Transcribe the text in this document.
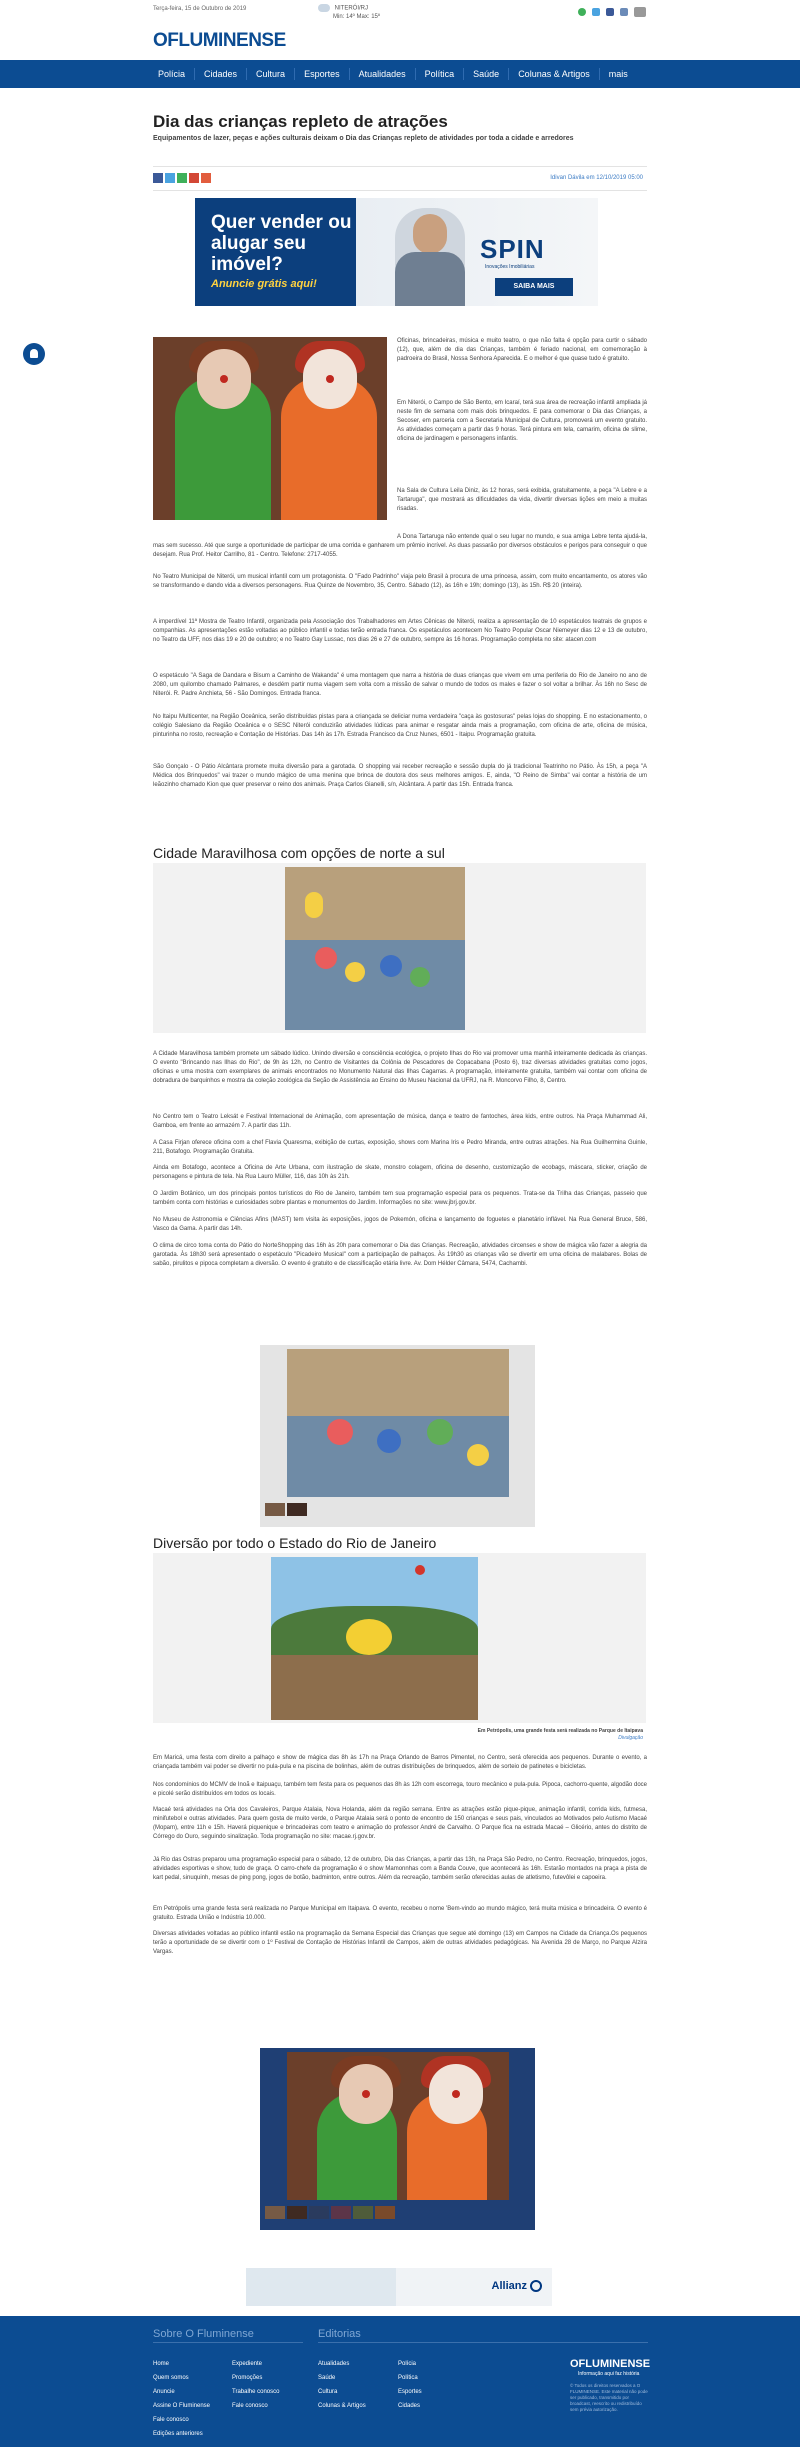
Terça-feira, 15 de Outubro de 2019	NITERÓI/RJ
Min: 14º Max: 15º
OFLUMINENSE
Polícia	Cidades	Cultura	Esportes	Atualidades	Política	Saúde	Colunas & Artigos	mais
Dia das crianças repleto de atrações

Equipamentos de lazer, peças e ações culturais deixam o Dia das Crianças repleto de atividades por toda a cidade e arredores

Idivan Dávila em 12/10/2019 05:00
Quer vender ou alugar seu imóvel?
Anuncie grátis aqui!
SPIN
Inovações Imobiliárias
SAIBA MAIS

Oficinas, brincadeiras, música e muito teatro, o que não falta é opção para curtir o sábado (12), que, além de dia das Crianças, também é feriado nacional, em comemoração à padroeira do Brasil, Nossa Senhora Aparecida. E o melhor é que quase tudo é gratuito.

Em Niterói, o Campo de São Bento, em Icaraí, terá sua área de recreação infantil ampliada já neste fim de semana com mais dois brinquedos. E para comemorar o Dia das Crianças, a Secoser, em parceria com a Secretaria Municipal de Cultura, promoverá um evento gratuito. As atividades começam a partir das 9 horas. Terá pintura em tela, camarim, oficina de slime, oficina de jardinagem e personagens infantis.

Na Sala de Cultura Leila Diniz, às 12 horas, será exibida, gratuitamente, a peça "A Lebre e a Tartaruga", que mostrará as dificuldades da vida, divertir diversas lições em meio a muitas risadas.

A Dona Tartaruga não entende qual o seu lugar no mundo, e sua amiga Lebre tenta ajudá-la, mas sem sucesso. Até que surge a oportunidade de participar de uma corrida e ganharem um prêmio incrível. As duas passarão por diversos obstáculos e perigos para conseguir o que desejam. Rua Prof. Heitor Carrilho, 81 - Centro. Telefone: 2717-4055.

No Teatro Municipal de Niterói, um musical infantil com um protagonista. O "Fado Padrinho" viaja pelo Brasil à procura de uma princesa, assim, com muito encantamento, os atores vão se transformando e dando vida a diversos personagens. Rua Quinze de Novembro, 35, Centro. Sábado (12), às 16h e 19h; domingo (13), às 15h. R$ 20 (inteira).

A imperdível 11ª Mostra de Teatro Infantil, organizada pela Associação dos Trabalhadores em Artes Cênicas de Niterói, realiza a apresentação de 10 espetáculos teatrais de grupos e companhias. As apresentações estão voltadas ao público infantil e todas terão entrada franca. Os espetáculos acontecem No Teatro Popular Oscar Niemeyer dias 12 e 13 de outubro, no Teatro da UFF, nos dias 19 e 20 de outubro; e no Teatro Gay Lussac, nos dias 26 e 27 de outubro, sempre às 16 horas. Programação completa no site: atacen.com

O espetáculo "A Saga de Dandara e Bisum a Caminho de Wakanda" é uma montagem que narra a história de duas crianças que vivem em uma periferia do Rio de Janeiro no ano de 2080, um quilombo chamado Palmares, e desdém partir numa viagem sem volta com a missão de salvar o mundo de todos os males e fazer o sol voltar a brilhar. Às 16h no Sesc de Niterói. R. Padre Anchieta, 56 - São Domingos. Entrada franca.

No Itaipu Multicenter, na Região Oceânica, serão distribuídas pistas para a criançada se deliciar numa verdadeira "caça às gostosuras" pelas lojas do shopping. E no estacionamento, o colégio Salesiano da Região Oceânica e o SESC Niterói conduzirão atividades lúdicas para animar e resgatar ainda mais a programação, com oficina de arte, oficina de música, pinturinha no rosto, recreação e Contação de Histórias. Das 14h às 17h. Estrada Francisco da Cruz Nunes, 6501 - Itaipu. Programação gratuita.

São Gonçalo - O Pátio Alcântara promete muita diversão para a garotada. O shopping vai receber recreação e sessão dupla do já tradicional Teatrinho no Pátio. Às 15h, a peça "A Médica dos Brinquedos" vai trazer o mundo mágico de uma menina que brinca de doutora dos seus melhores amigos. E, ainda, "O Reino de Simba" vai contar a história de um leãozinho chamado Kion que quer preservar o reino dos animais. Praça Carlos Gianelli, s/n, Alcântara. A partir das 15h. Entrada franca.

Cidade Maravilhosa com opções de norte a sul

A Cidade Maravilhosa também promete um sábado lúdico. Unindo diversão e consciência ecológica, o projeto Ilhas do Rio vai promover uma manhã inteiramente dedicada às crianças. O evento "Brincando nas Ilhas do Rio", de 9h às 12h, no Centro de Visitantes da Colônia de Pescadores de Copacabana (Posto 6), traz diversas atividades gratuitas como jogos, oficinas e uma mostra com exemplares de animais encontrados no Monumento Natural das Ilhas Cagarras. A programação, inteiramente gratuita, também vai contar com oficina de dobradura de barquinhos e mostra da coleção zoológica da Seção de Assistência ao Ensino do Museu Nacional da UFRJ, na R. Moncorvo Filho, 8, Centro.

No Centro tem o Teatro Leksát e Festival Internacional de Animação, com apresentação de música, dança e teatro de fantoches, área kids, entre outros. Na Praça Muhammad Ali, Gamboa, em frente ao armazém 7. A partir das 11h.

A Casa Firjan oferece oficina com a chef Flavia Quaresma, exibição de curtas, exposição, shows com Marina Iris e Pedro Miranda, entre outras atrações. Na Rua Guilhermina Guinle, 211, Botafogo. Programação Gratuita.

Ainda em Botafogo, acontece a Oficina de Arte Urbana, com ilustração de skate, monstro colagem, oficina de desenho, customização de ecobags, máscara, sticker, criação de personagens e pintura de tela. Na Rua Lauro Müller, 116, das 10h às 21h.

O Jardim Botânico, um dos principais pontos turísticos do Rio de Janeiro, também tem sua programação especial para os pequenos. Trata-se da Trilha das Crianças, passeio que também conta com histórias e curiosidades sobre plantas e monumentos do Jardim. Informações no site: www.jbrj.gov.br.

No Museu de Astronomia e Ciências Afins (MAST) tem visita às exposições, jogos de Pokemón, oficina e lançamento de foguetes e planetário inflável. Na Rua General Bruce, 586, Vasco da Gama. A partir das 14h.

O clima de circo toma conta do Pátio do NorteShopping das 16h às 20h para comemorar o Dia das Crianças. Recreação, atividades circenses e show de mágica vão fazer a alegria da garotada. Às 18h30 será apresentado o espetáculo "Picadeiro Musical" com a participação de palhaços. Às 19h30 as crianças vão se divertir em uma oficina de malabares. Bolas de sabão, pirulitos e pipoca completam a diversão. O evento é gratuito e de classificação etária livre. Av. Dom Hélder Câmara, 5474, Cachambi.

Diversão por todo o Estado do Rio de Janeiro

Em Petrópolis, uma grande festa será realizada no Parque de Itaipava
Divulgação

Em Maricá, uma festa com direito a palhaço e show de mágica das 8h às 17h na Praça Orlando de Barros Pimentel, no Centro, será oferecida aos pequenos. Durante o evento, a criançada também vai poder se divertir no pula-pula e na piscina de bolinhas, além de outras distribuições de brinquedos, além de sorteio de patinetes e bicicletas.

Nos condomínios do MCMV de Inoã e Itaipuaçu, também tem festa para os pequenos das 8h às 12h com escorrega, touro mecânico e pula-pula. Pipoca, cachorro-quente, algodão doce e picolé serão distribuídos em todos os locais.

Macaé terá atividades na Orla dos Cavaleiros, Parque Atalaia, Nova Holanda, além da região serrana. Entre as atrações estão pique-pique, animação infantil, corrida kids, futmesa, minifutebol e outras atividades. Para quem gosta de muito verde, o Parque Atalaia será o ponto de encontro de 150 crianças e seus pais, vinculados ao Motivados pelo Autismo Macaé (Mopam), entre 11h e 15h. Haverá piquenique e brincadeiras com teatro e animação do professor André de Carvalho. O Parque fica na estrada Macaé – Glicério, antes do distrito de Córrego do Ouro, seguindo sinalização. Toda programação no site: macae.rj.gov.br.

Já Rio das Ostras preparou uma programação especial para o sábado, 12 de outubro, Dia das Crianças, a partir das 13h, na Praça São Pedro, no Centro. Recreação, brinquedos, jogos, atividades esportivas e show, tudo de graça. O carro-chefe da programação é o show Mamonnhas com a Banda Couve, que acontecerá às 16h. Estarão montados na praça a pista de kart pedal, sinuquinh, mesas de ping pong, jogos de botão, badminton, entre outros. Além da recreação, também serão oferecidas aulas de atletismo, futevôlei e capoeira.

Em Petrópolis uma grande festa será realizada no Parque Municipal em Itaipava. O evento, recebeu o nome 'Bem-vindo ao mundo mágico, terá muita música e brincadeira. O evento é gratuito. Estrada União e Indústria 10.000.

Diversas atividades voltadas ao público infantil estão na programação da Semana Especial das Crianças que segue até domingo (13) em Campos na Cidade da Criança.Os pequenos terão a oportunidade de se divertir com o 1º Festival de Contação de Histórias Infantil de Campos, além de outras atividades pedagógicas. Na Avenida 28 de Março, no Parque Alzira Vargas.

Allianz
Sobre O Fluminense	Editorias
Home
Quem somos
Anuncie
Assine O Fluminense
Fale conosco
Edições anteriores
Expediente
Promoções
Trabalhe conosco
Fale conosco
Atualidades
Saúde
Cultura
Colunas & Artigos
Polícia
Política
Esportes
Cidades
OFLUMINENSE
Informação aqui faz história
© Todos os direitos reservados a O FLUMINENSE. Este material não pode ser publicado, transmitido por broadcast, reescrito ou redistribuído sem prévia autorização.
